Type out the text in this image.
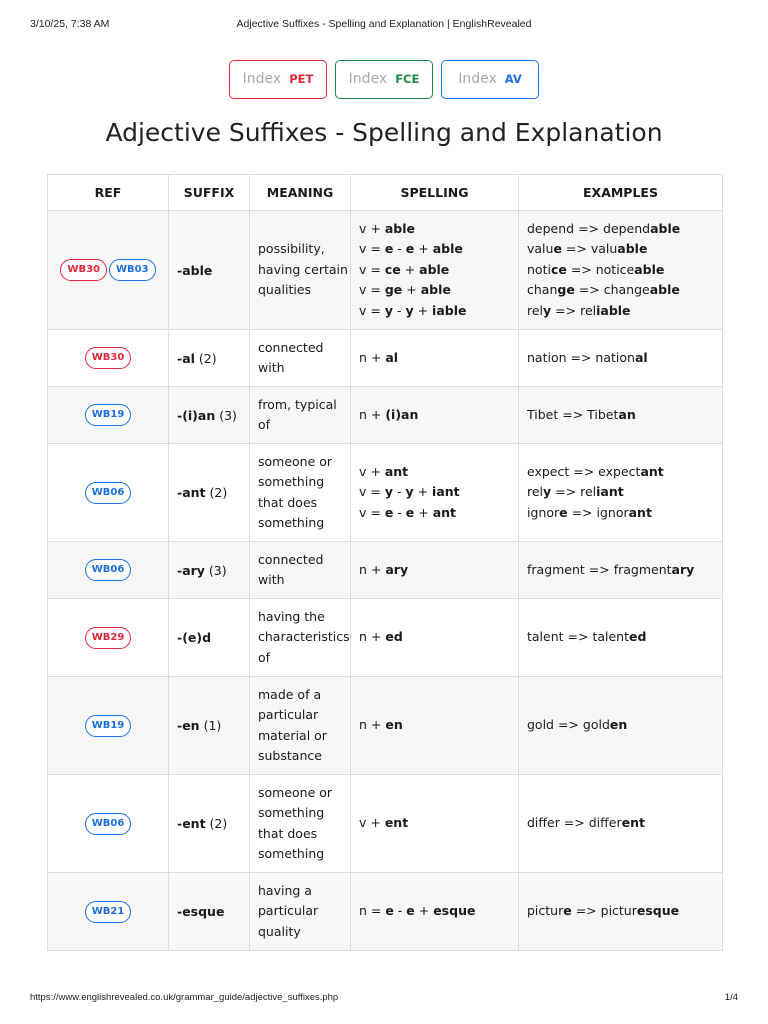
3/10/25, 7:38 AM	Adjective Suffixes - Spelling and Explanation | EnglishRevealed
Index PET	Index FCE	Index AV
Adjective Suffixes - Spelling and Explanation
REF	SUFFIX	MEANING	SPELLING	EXAMPLES
WB30 WB03	-able	possibility,
having certain
qualities	v + able
v = e - e + able
v = ce + able
v = ge + able
v = y - y + iable	depend => dependable
value => valuable
notice => noticeable
change => changeable
rely => reliable

WB30	-al (2)	connected
with	n + al	nation => national

WB19	-(i)an (3)	from, typical
of	n + (i)an	Tibet => Tibetan

WB06	-ant (2)	someone or
something
that does
something	v + ant
v = y - y + iant
v = e - e + ant	expect => expectant
rely => reliant
ignore => ignorant

WB06	-ary (3)	connected
with	n + ary	fragment => fragmentary

WB29	-(e)d	having the
characteristics
of	n + ed	talent => talented

WB19	-en (1)	made of a
particular
material or
substance	n + en	gold => golden

WB06	-ent (2)	someone or
something
that does
something	v + ent	differ => different

WB21	-esque	having a
particular
quality	n = e - e + esque	picture => picturesque
https://www.englishrevealed.co.uk/grammar_guide/adjective_suffixes.php	1/4
